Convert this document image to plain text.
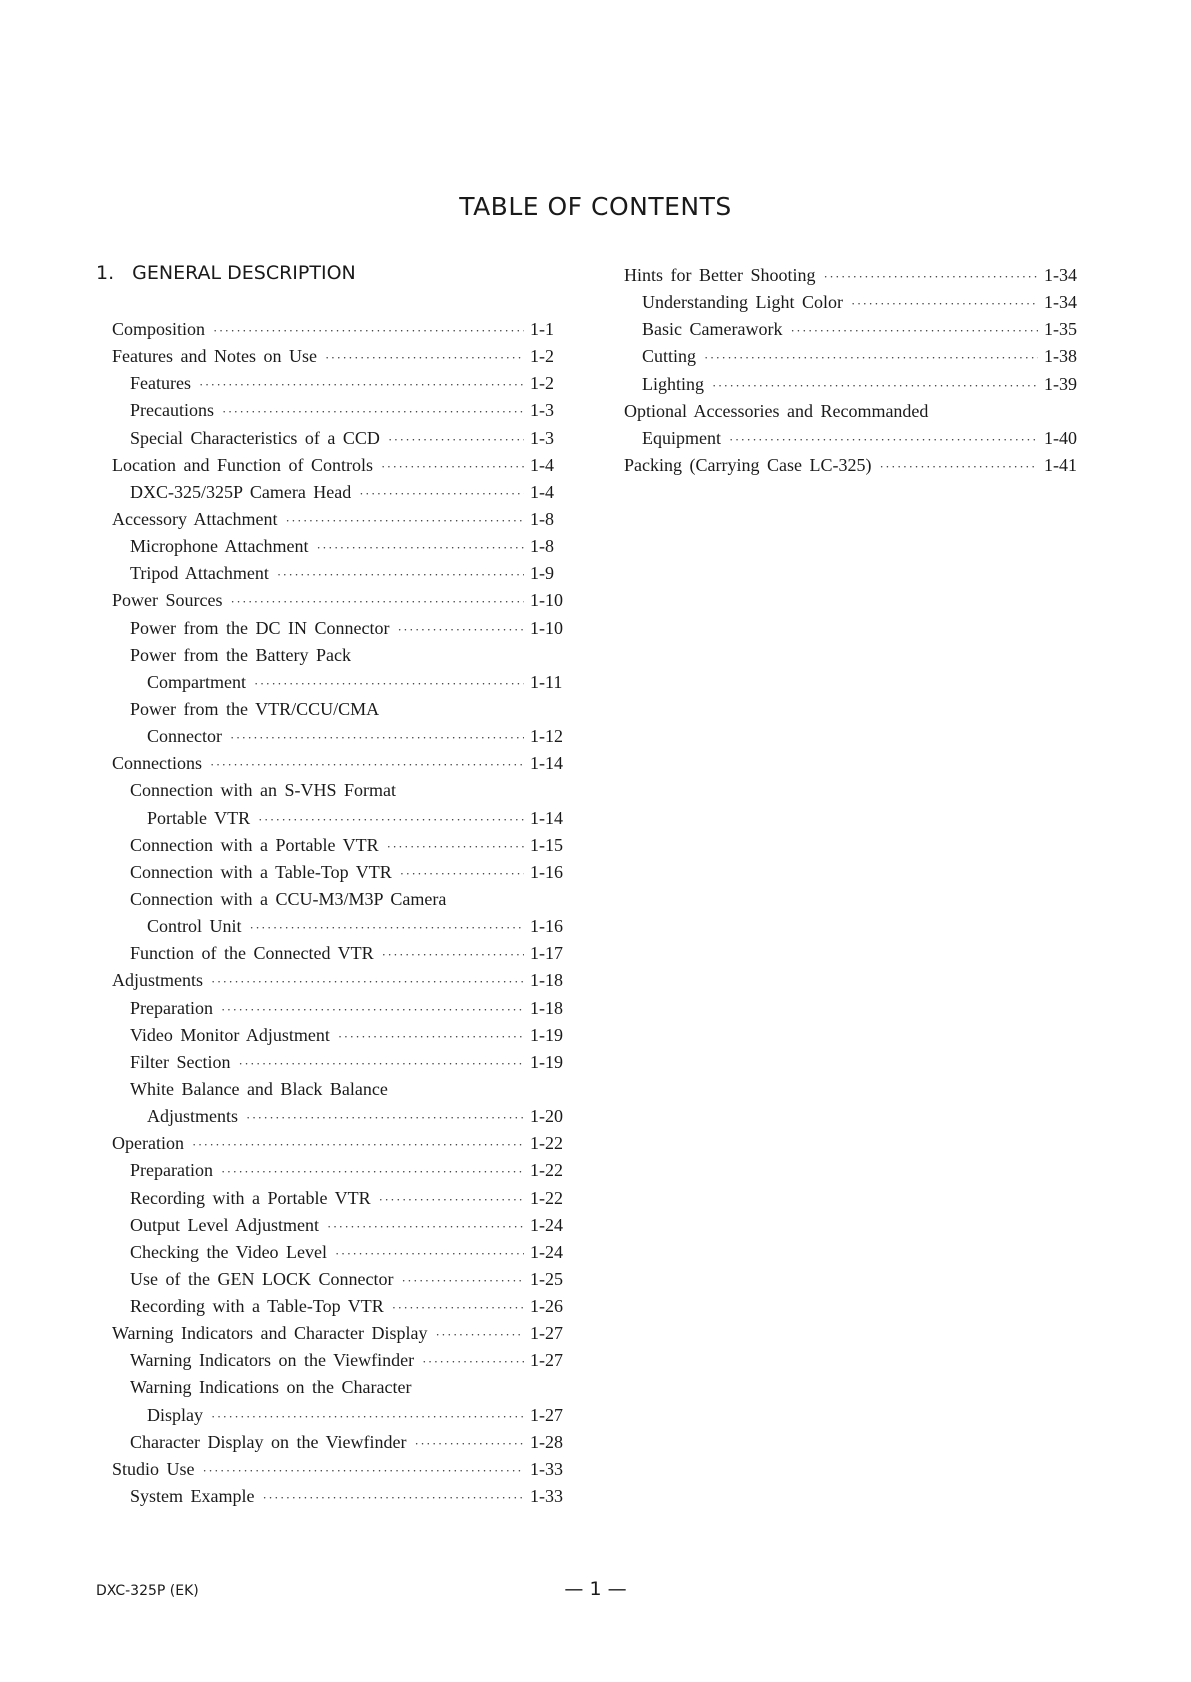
TABLE OF CONTENTS
1. GENERAL DESCRIPTION
Composition ·····	1-1
Features and Notes on Use ·····	1-2
Features ·····	1-2
Precautions ·····	1-3
Special Characteristics of a CCD ·····	1-3
Location and Function of Controls ·····	1-4
DXC-325/325P Camera Head ·····	1-4
Accessory Attachment ·····	1-8
Microphone Attachment ·····	1-8
Tripod Attachment ·····	1-9
Power Sources ·····	1-10
Power from the DC IN Connector ·····	1-10
Power from the Battery Pack
Compartment ·····	1-11
Power from the VTR/CCU/CMA
Connector ·····	1-12
Connections ·····	1-14
Connection with an S-VHS Format
Portable VTR ·····	1-14
Connection with a Portable VTR ·····	1-15
Connection with a Table-Top VTR ·····	1-16
Connection with a CCU-M3/M3P Camera
Control Unit ·····	1-16
Function of the Connected VTR ·····	1-17
Adjustments ·····	1-18
Preparation ·····	1-18
Video Monitor Adjustment ·····	1-19
Filter Section ·····	1-19
White Balance and Black Balance
Adjustments ·····	1-20
Operation ·····	1-22
Preparation ·····	1-22
Recording with a Portable VTR ·····	1-22
Output Level Adjustment ·····	1-24
Checking the Video Level ·····	1-24
Use of the GEN LOCK Connector ·····	1-25
Recording with a Table-Top VTR ·····	1-26
Warning Indicators and Character Display ·····	1-27
Warning Indicators on the Viewfinder ·····	1-27
Warning Indications on the Character
Display ·····	1-27
Character Display on the Viewfinder ·····	1-28
Studio Use ·····	1-33
System Example ·····	1-33
Hints for Better Shooting ·····	1-34
Understanding Light Color ·····	1-34
Basic Camerawork ·····	1-35
Cutting ·····	1-38
Lighting ·····	1-39
Optional Accessories and Recommanded
Equipment ·····	1-40
Packing (Carrying Case LC-325) ·····	1-41
DXC-325P (EK)	— 1 —
